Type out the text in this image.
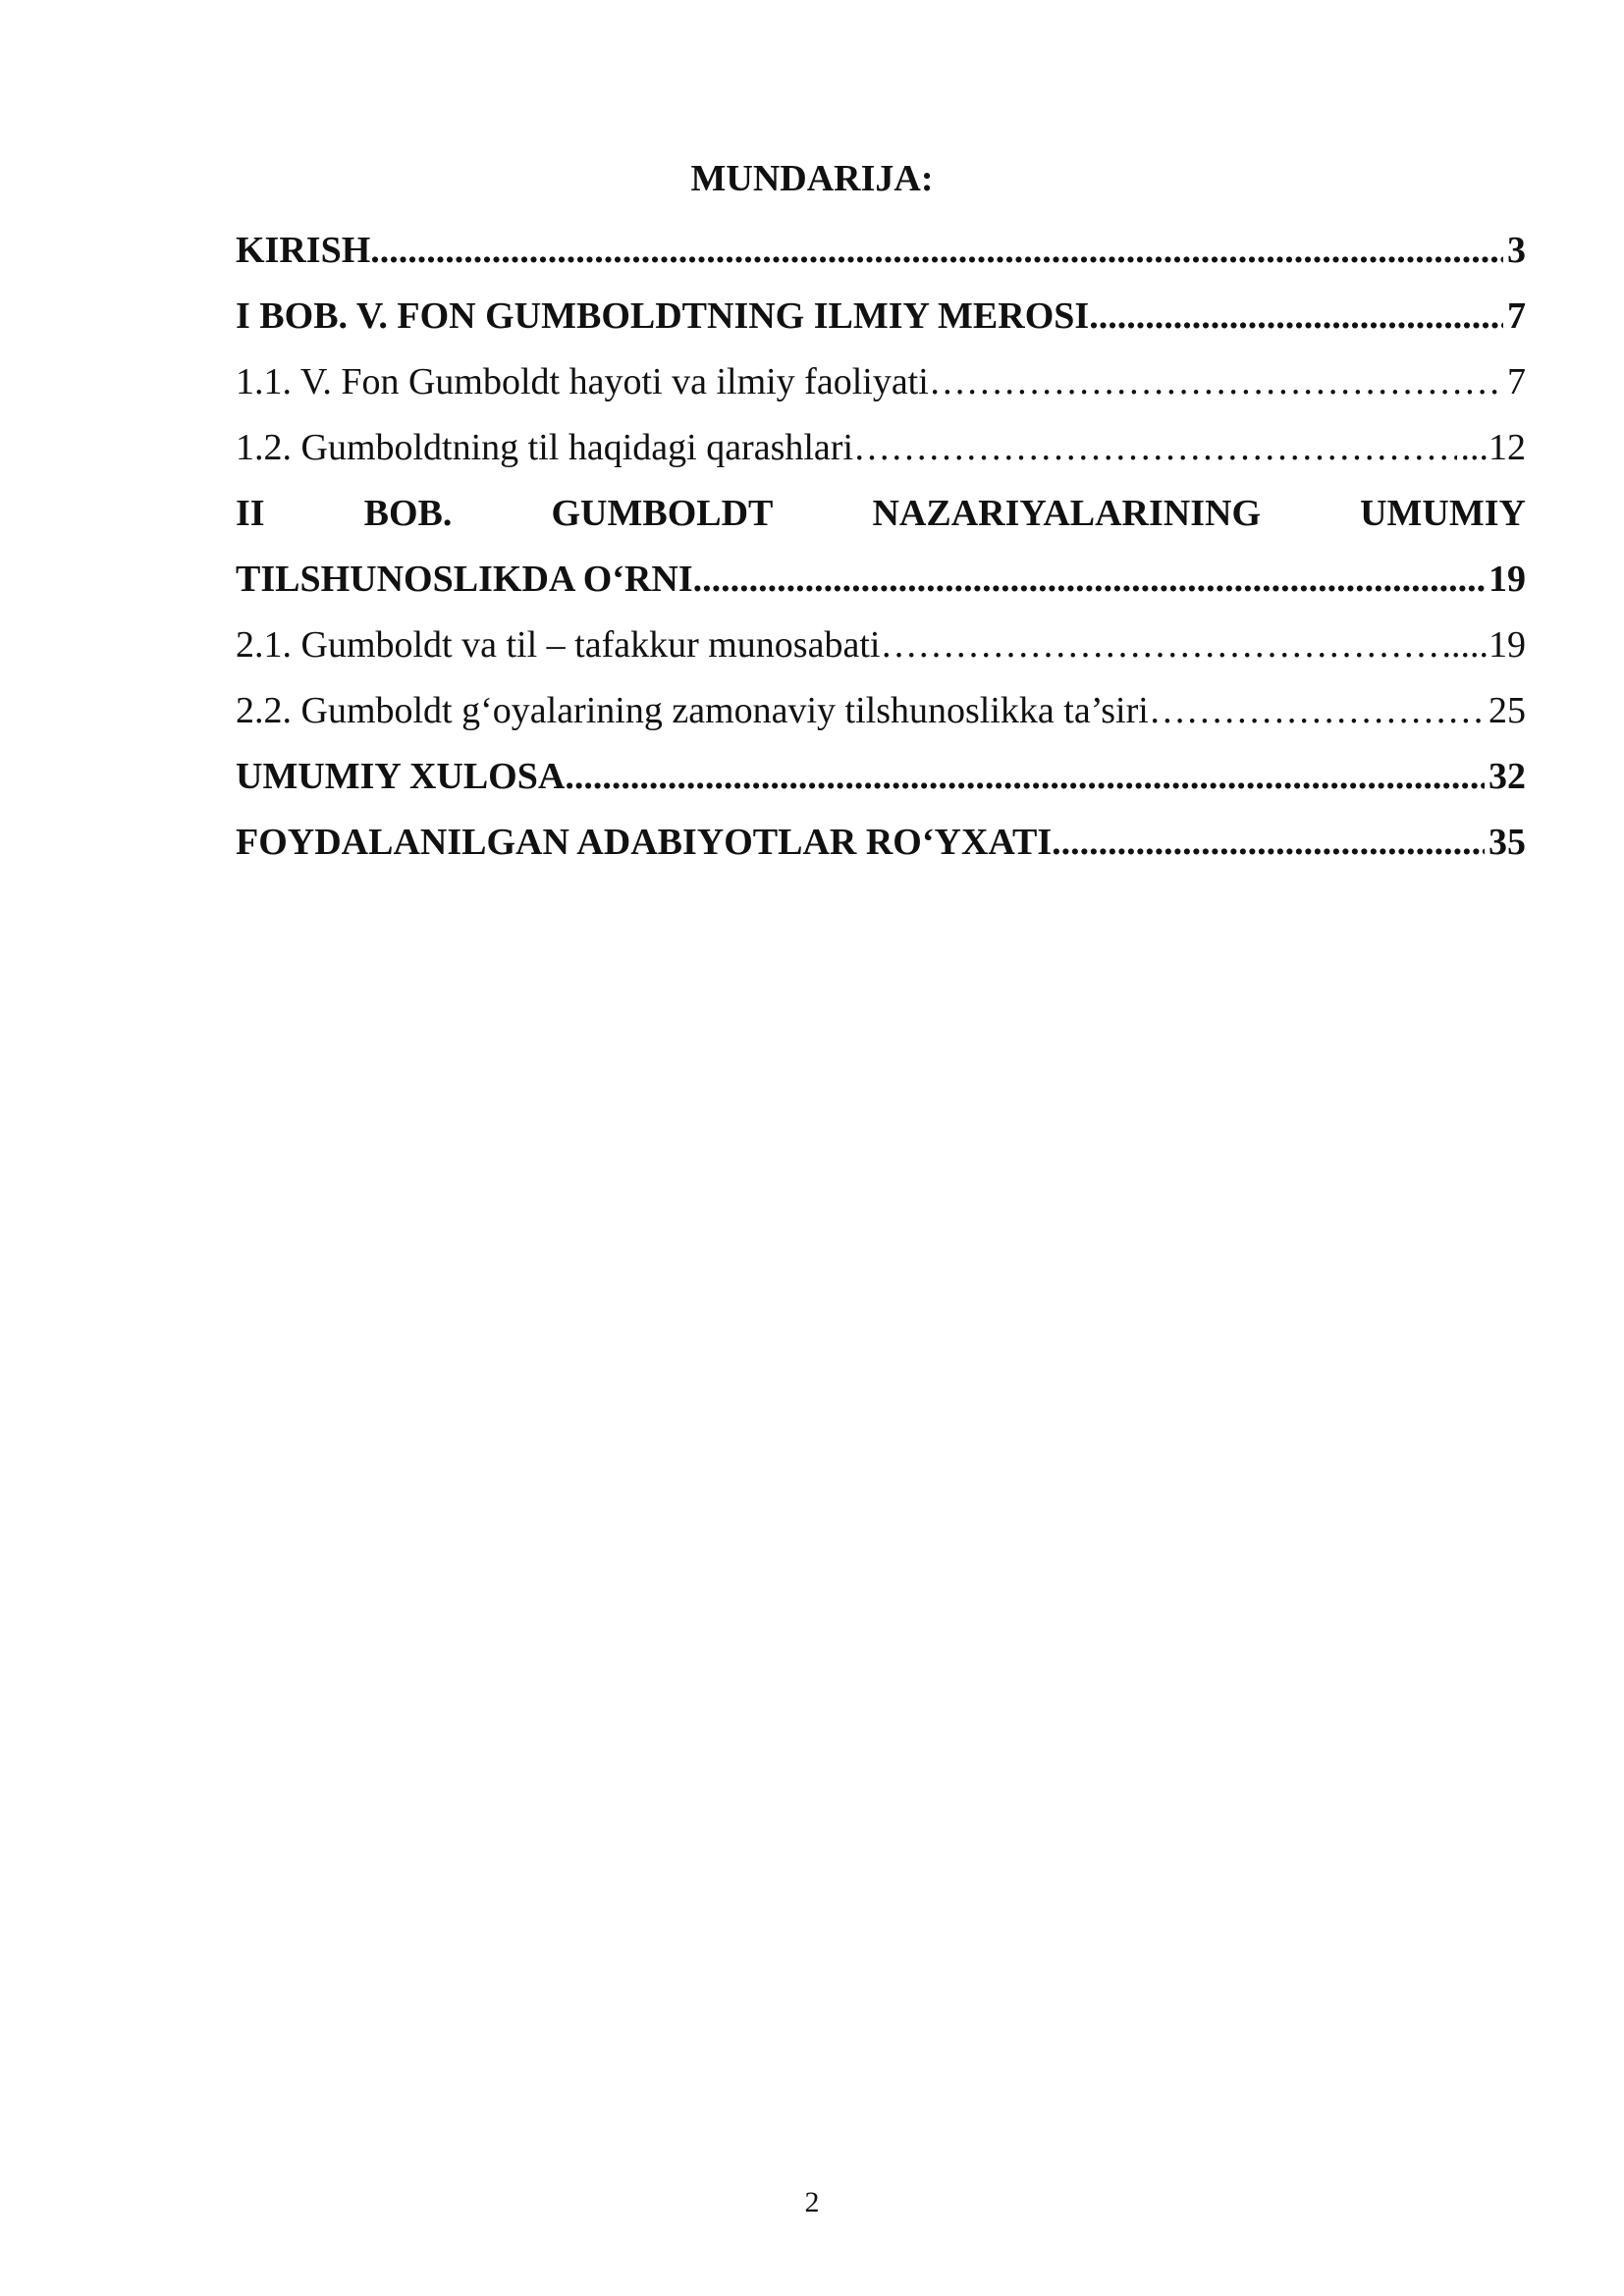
MUNDARIJA:
KIRISH .....	3
I BOB. V. FON GUMBOLDTNING ILMIY MEROSI .....	7
1.1. V. Fon Gumboldt hayoti va ilmiy faoliyati …………………………………………………………………………………………………………………………………………………………………………………………	7
1.2. Gumboldtning til haqidagi qarashlari …………………………………………………………………………………………………………………………………………………………………………………………	...12
II	BOB.	GUMBOLDT	NAZARIYALARINING	UMUMIY
TILSHUNOSLIKDA O‘RNI .....	19
2.1. Gumboldt va til – tafakkur munosabati …………………………………………………………………………………………………………………………………………………………………………………………	.....19
2.2. Gumboldt g‘oyalarining zamonaviy tilshunoslikka ta’siri …………………………………………………………………………………………………………………………………………………………………………………………	25
UMUMIY XULOSA .....	32
FOYDALANILGAN ADABIYOTLAR RO‘YXATI .....	35
2
